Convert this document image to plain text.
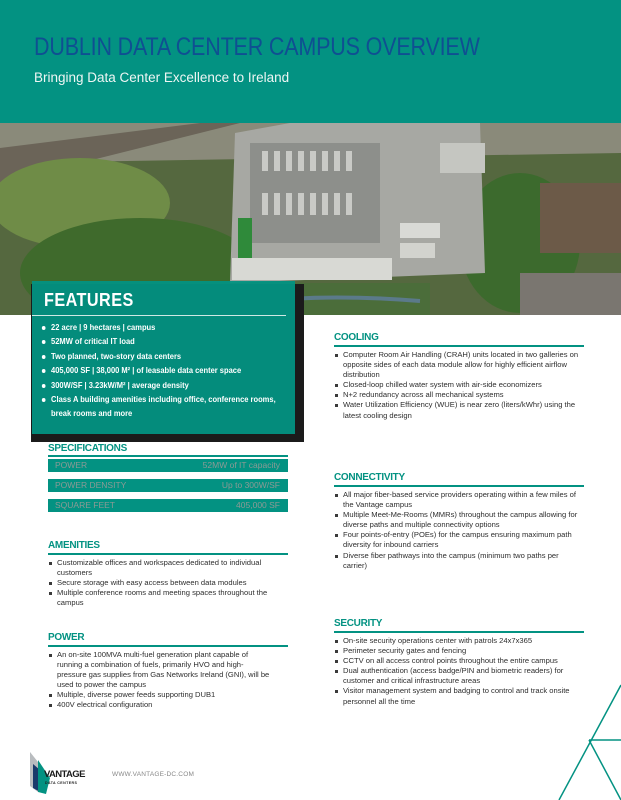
DUBLIN DATA CENTER CAMPUS OVERVIEW
Bringing Data Center Excellence to Ireland
FEATURES
22 acre | 9 hectares | campus
52MW of critical IT load
Two planned, two-story data centers
405,000 SF | 38,000 M² | of leasable data center space
300W/SF | 3.23kW/M² | average density
Class A building amenities including office, conference rooms,
break rooms and more
SPECIFICATIONS
POWER	52MW of IT capacity
POWER DENSITY	Up to 300W/SF
SQUARE FEET	405,000 SF
AMENITIES
Customizable offices and workspaces dedicated to individual customers
Secure storage with easy access between data modules
Multiple conference rooms and meeting spaces throughout the campus
POWER
An on-site 100MVA multi-fuel generation plant capable of running a combination of fuels, primarily HVO and high-pressure gas supplies from Gas Networks Ireland (GNI), will be used to power the campus
Multiple, diverse power feeds supporting DUB1
400V electrical configuration
COOLING
Computer Room Air Handling (CRAH) units located in two galleries on opposite sides of each data module allow for highly efficient airflow distribution
Closed-loop chilled water system with air-side economizers
N+2 redundancy across all mechanical systems
Water Utilization Efficiency (WUE) is near zero (liters/kWhr) using the latest cooling design
CONNECTIVITY
All major fiber-based service providers operating within a few miles of the Vantage campus
Multiple Meet-Me-Rooms (MMRs) throughout the campus allowing for diverse paths and multiple connectivity options
Four points-of-entry (POEs) for the campus ensuring maximum path diversity for inbound carriers
Diverse fiber pathways into the campus (minimum two paths per carrier)
SECURITY
On-site security operations center with patrols 24x7x365
Perimeter security gates and fencing
CCTV on all access control points throughout the entire campus
Dual authentication (access badge/PIN and biometric readers) for customer and critical infrastructure areas
Visitor management system and badging to control and track onsite personnel all the time
VANTAGE
DATA CENTERS
WWW.VANTAGE-DC.COM
